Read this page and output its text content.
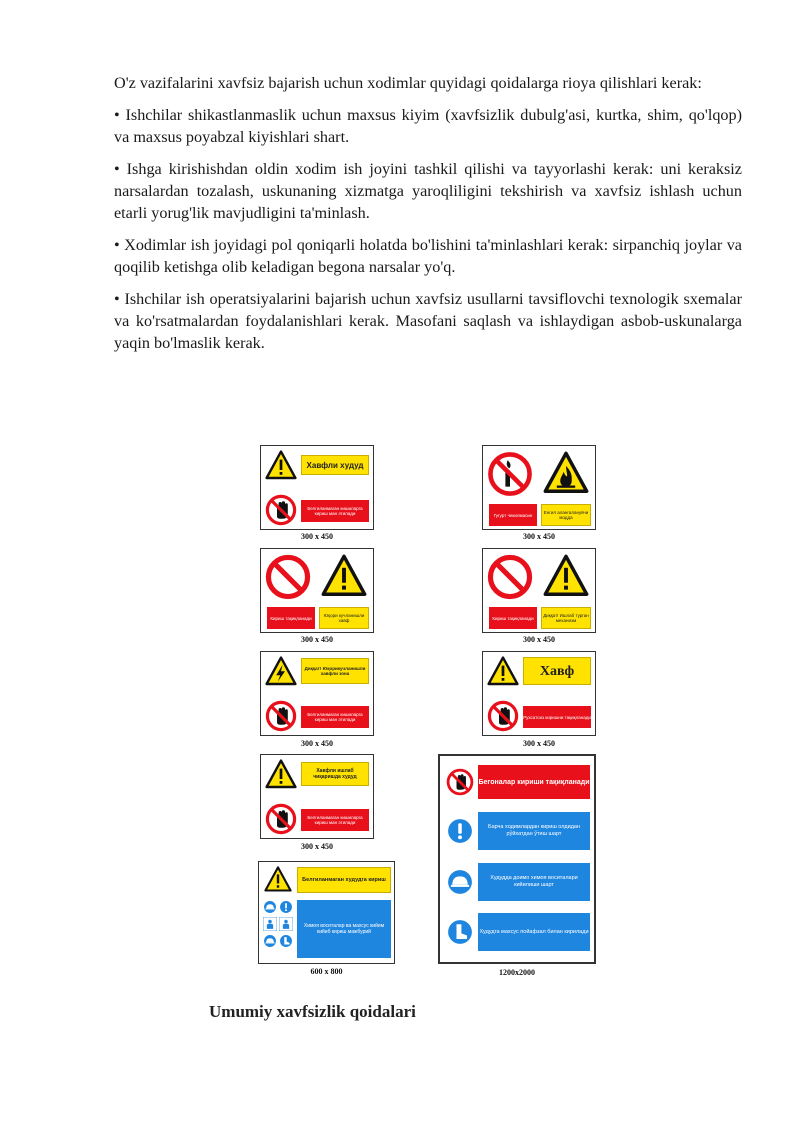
O'z vazifalarini xavfsiz bajarish uchun xodimlar quyidagi qoidalarga rioya qilishlari kerak:

• Ishchilar shikastlanmaslik uchun maxsus kiyim (xavfsizlik dubulg'asi, kurtka, shim, qo'lqop) va maxsus poyabzal kiyishlari shart.

• Ishga kirishishdan oldin xodim ish joyini tashkil qilishi va tayyorlashi kerak: uni keraksiz narsalardan tozalash, uskunaning xizmatga yaroqliligini tekshirish va xavfsiz ishlash uchun etarli yorug'lik mavjudligini ta'minlash.

• Xodimlar ish joyidagi pol qoniqarli holatda bo'lishini ta'minlashlari kerak: sirpanchiq joylar va qoqilib ketishga olib keladigan begona narsalar yo'q.

• Ishchilar ish operatsiyalarini bajarish uchun xavfsiz usullarni tavsiflovchi texnologik sxemalar va ko'rsatmalardan foydalanishlari kerak. Masofani saqlash va ishlaydigan asbob-uskunalarga yaqin bo'lmaslik kerak.

Хавфли худуд
Белгиланмаган кишиларга кириш ман этилади
300 x 450
Гугурт чекилмасин	Енгил алангаланувчи модда
300 x 450
Кириш тақиқланади	Юқори кучланишли хавф
300 x 450
Кириш тақиқланади	Диққат! Ишлаб турган механизм
300 x 450
Диққат! Юқорикучланишли хавфли зона
Белгиланмаган кишиларга кириш ман этилади
300 x 450
Хавф
Рухсатсиз киришни тақиқланади
300 x 450
Хавфли ишлаб чиқаришда худуд
Белгиланмаган кишиларга кириш ман этилади
300 x 450
Белгиланмаган худудга кириш
Химоя воситалар ва махсус кийим кийиб кириш мажбурий
600 x 800
Бегоналар кириши тақиқланади
Барча ходимлардан кириш олдидан рўйхатдан ўтиш шарт
Худудда доимо химоя воситалари кийилиши шарт
Худудга махсус пойафзал билан кирилади
1200x2000
Umumiy xavfsizlik qoidalari
